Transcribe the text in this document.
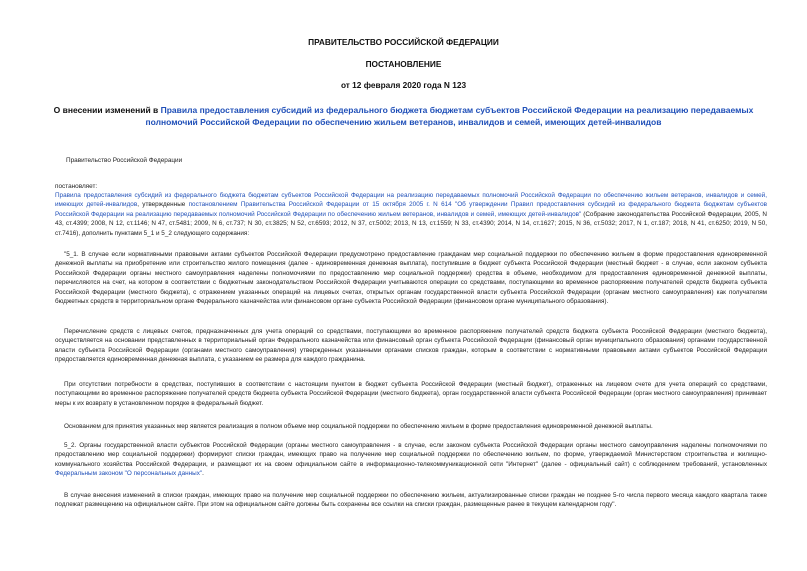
ПРАВИТЕЛЬСТВО РОССИЙСКОЙ ФЕДЕРАЦИИ
ПОСТАНОВЛЕНИЕ
от 12 февраля 2020 года N 123
О внесении изменений в Правила предоставления субсидий из федерального бюджета бюджетам субъектов Российской Федерации на реализацию передаваемых полномочий Российской Федерации по обеспечению жильем ветеранов, инвалидов и семей, имеющих детей-инвалидов

Правительство Российской Федерации

постановляет:

Правила предоставления субсидий из федерального бюджета бюджетам субъектов Российской Федерации на реализацию передаваемых полномочий Российской Федерации по обеспечению жильем ветеранов, инвалидов и семей, имеющих детей-инвалидов, утвержденные постановлением Правительства Российской Федерации от 15 октября 2005 г. N 614 "Об утверждении Правил предоставления субсидий из федерального бюджета бюджетам субъектов Российской Федерации на реализацию передаваемых полномочий Российской Федерации по обеспечению жильем ветеранов, инвалидов и семей, имеющих детей-инвалидов" (Собрание законодательства Российской Федерации, 2005, N 43, ст.4399; 2008, N 12, ст.1146; N 47, ст.5481; 2009, N 6, ст.737; N 30, ст.3825; N 52, ст.6593; 2012, N 37, ст.5002; 2013, N 13, ст.1559; N 33, ст.4390; 2014, N 14, ст.1627; 2015, N 36, ст.5032; 2017, N 1, ст.187; 2018, N 41, ст.6250; 2019, N 50, ст.7416), дополнить пунктами 5_1 и 5_2 следующего содержания:

"5_1. В случае если нормативными правовыми актами субъектов Российской Федерации предусмотрено предоставление гражданам мер социальной поддержки по обеспечению жильем в форме предоставления единовременной денежной выплаты на приобретение или строительство жилого помещения (далее - единовременная денежная выплата), поступившие в бюджет субъекта Российской Федерации (местный бюджет - в случае, если законом субъекта Российской Федерации органы местного самоуправления наделены полномочиями по предоставлению мер социальной поддержки) средства в объеме, необходимом для предоставления единовременной денежной выплаты, перечисляются на счет, на котором в соответствии с бюджетным законодательством Российской Федерации учитываются операции со средствами, поступающими во временное распоряжение получателей средств бюджета субъекта Российской Федерации (местного бюджета), с отражением указанных операций на лицевых счетах, открытых органам государственной власти субъекта Российской Федерации (органам местного самоуправления) как получателям бюджетных средств в территориальном органе Федерального казначейства или финансовом органе субъекта Российской Федерации (финансовом органе муниципального образования).

Перечисление средств с лицевых счетов, предназначенных для учета операций со средствами, поступающими во временное распоряжение получателей средств бюджета субъекта Российской Федерации (местного бюджета), осуществляется на основании представленных в территориальный орган Федерального казначейства или финансовый орган субъекта Российской Федерации (финансовый орган муниципального образования) органами государственной власти субъекта Российской Федерации (органами местного самоуправления) утвержденных указанными органами списков граждан, которым в соответствии с нормативными правовыми актами субъектов Российской Федерации предоставляется единовременная денежная выплата, с указанием ее размера для каждого гражданина.

При отсутствии потребности в средствах, поступивших в соответствии с настоящим пунктом в бюджет субъекта Российской Федерации (местный бюджет), отраженных на лицевом счете для учета операций со средствами, поступающими во временное распоряжение получателей средств бюджета субъекта Российской Федерации (местного бюджета), орган государственной власти субъекта Российской Федерации (орган местного самоуправления) принимает меры к их возврату в установленном порядке в федеральный бюджет.

Основанием для принятия указанных мер является реализация в полном объеме мер социальной поддержки по обеспечению жильем в форме предоставления единовременной денежной выплаты.

5_2. Органы государственной власти субъектов Российской Федерации (органы местного самоуправления - в случае, если законом субъекта Российской Федерации органы местного самоуправления наделены полномочиями по предоставлению мер социальной поддержки) формируют списки граждан, имеющих право на получение мер социальной поддержки по обеспечению жильем, по форме, утверждаемой Министерством строительства и жилищно-коммунального хозяйства Российской Федерации, и размещают их на своем официальном сайте в информационно-телекоммуникационной сети "Интернет" (далее - официальный сайт) с соблюдением требований, установленных Федеральным законом "О персональных данных".

В случае внесения изменений в списки граждан, имеющих право на получение мер социальной поддержки по обеспечению жильем, актуализированные списки граждан не позднее 5-го числа первого месяца каждого квартала также подлежат размещению на официальном сайте. При этом на официальном сайте должны быть сохранены все ссылки на списки граждан, размещенные ранее в текущем календарном году".
